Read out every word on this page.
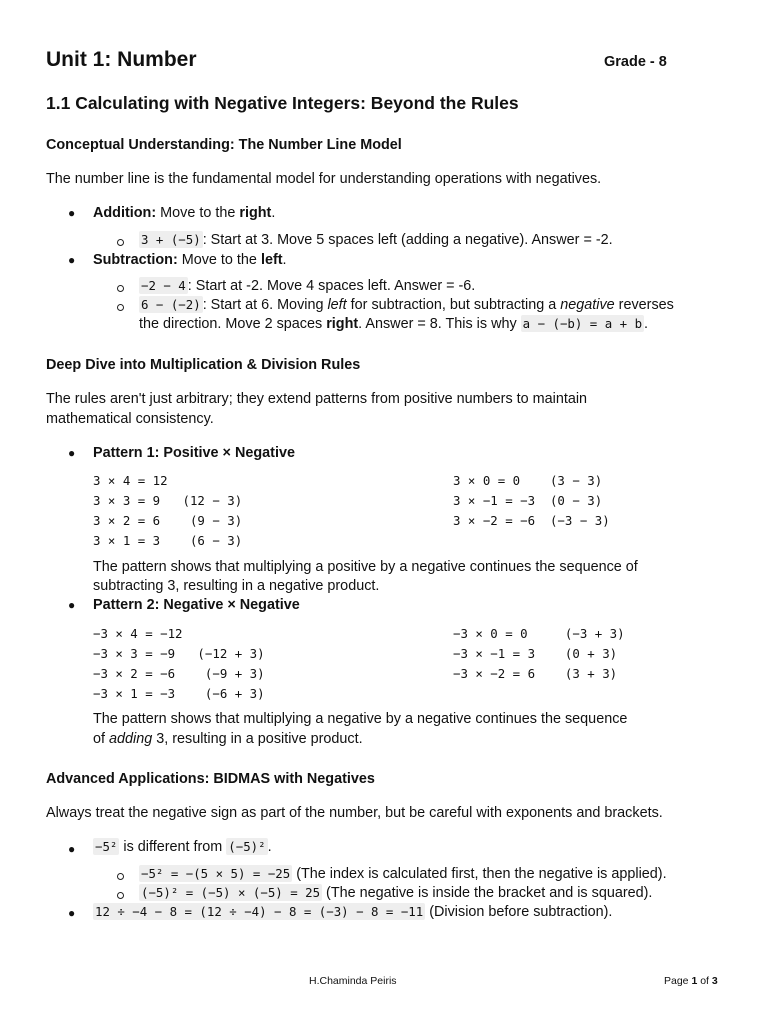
Unit 1: Number	Grade - 8
1.1 Calculating with Negative Integers: Beyond the Rules
Conceptual Understanding: The Number Line Model
The number line is the fundamental model for understanding operations with negatives.
● Addition: Move to the right.
3 + (−5) : Start at 3. Move 5 spaces left (adding a negative). Answer = -2.
● Subtraction: Move to the left.
−2 − 4 : Start at -2. Move 4 spaces left. Answer = -6.
6 − (−2) : Start at 6. Moving left for subtraction, but subtracting a negative reverses
the direction. Move 2 spaces right. Answer = 8. This is why a − (−b) = a + b .
Deep Dive into Multiplication & Division Rules
The rules aren't just arbitrary; they extend patterns from positive numbers to maintain
mathematical consistency.
● Pattern 1: Positive × Negative
3 × 4 = 12
3 × 3 = 9   (12 − 3)
3 × 2 = 6    (9 − 3)
3 × 1 = 3    (6 − 3)
3 × 0 = 0    (3 − 3)
3 × −1 = −3  (0 − 3)
3 × −2 = −6  (−3 − 3)
The pattern shows that multiplying a positive by a negative continues the sequence of
subtracting 3, resulting in a negative product.
● Pattern 2: Negative × Negative
−3 × 4 = −12
−3 × 3 = −9   (−12 + 3)
−3 × 2 = −6    (−9 + 3)
−3 × 1 = −3    (−6 + 3)
−3 × 0 = 0     (−3 + 3)
−3 × −1 = 3    (0 + 3)
−3 × −2 = 6    (3 + 3)
The pattern shows that multiplying a negative by a negative continues the sequence
of adding 3, resulting in a positive product.
Advanced Applications: BIDMAS with Negatives
Always treat the negative sign as part of the number, but be careful with exponents and brackets.
● −5² is different from (−5)² .
−5² = −(5 × 5) = −25 (The index is calculated first, then the negative is applied).
(−5)² = (−5) × (−5) = 25 (The negative is inside the bracket and is squared).
● 12 ÷ −4 − 8 = (12 ÷ −4) − 8 = (−3) − 8 = −11 (Division before subtraction).
H.Chaminda Peiris	Page 1 of 3
